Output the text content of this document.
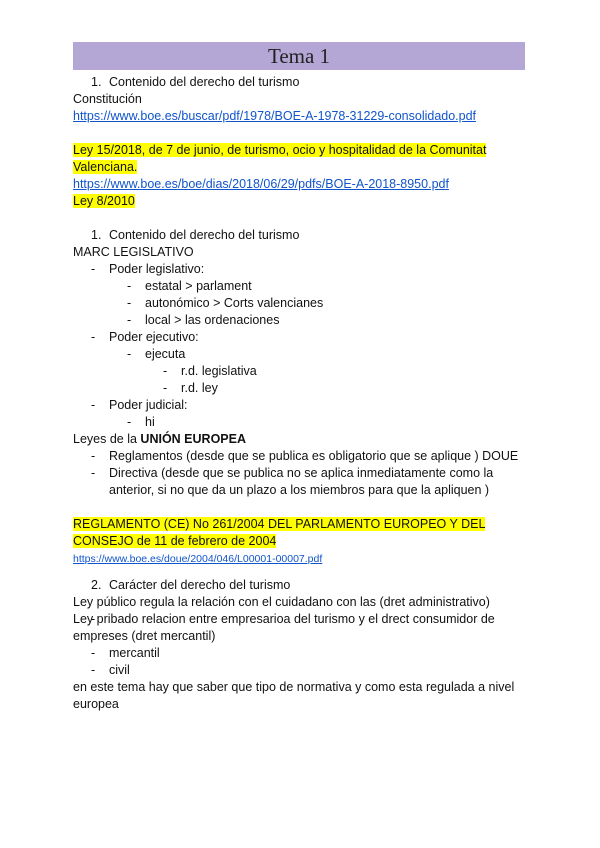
Tema 1
1. Contenido del derecho del turismo
Constitución
https://www.boe.es/buscar/pdf/1978/BOE-A-1978-31229-consolidado.pdf
Ley 15/2018, de 7 de junio, de turismo, ocio y hospitalidad de la Comunitat Valenciana.
https://www.boe.es/boe/dias/2018/06/29/pdfs/BOE-A-2018-8950.pdf
Ley 8/2010
1. Contenido del derecho del turismo
MARC LEGISLATIVO
- Poder legislativo:
- estatal > parlament
- autonómico > Corts valencianes
- local > las ordenaciones
- Poder ejecutivo:
- ejecuta
- r.d. legislativa
- r.d. ley
- Poder judicial:
- hi
Leyes de la UNIÓN EUROPEA
- Reglamentos (desde que se publica es obligatorio que se aplique ) DOUE
- Directiva (desde que se publica no se aplica inmediatamente como la anterior, si no que da un plazo a los miembros para que la apliquen )
REGLAMENTO (CE) No 261/2004 DEL PARLAMENTO EUROPEO Y DEL CONSEJO de 11 de febrero de 2004
https://www.boe.es/doue/2004/046/L00001-00007.pdf
2. Carácter del derecho del turismo
Ley público regula la relación con el cuidadano con las (dret administrativo)
Ley pribado relacion entre empresarioa del turismo y el drect consumidor de empreses (dret mercantil)
- mercantil
- civil
en este tema hay que saber que tipo de normativa y como esta regulada a nivel europea
